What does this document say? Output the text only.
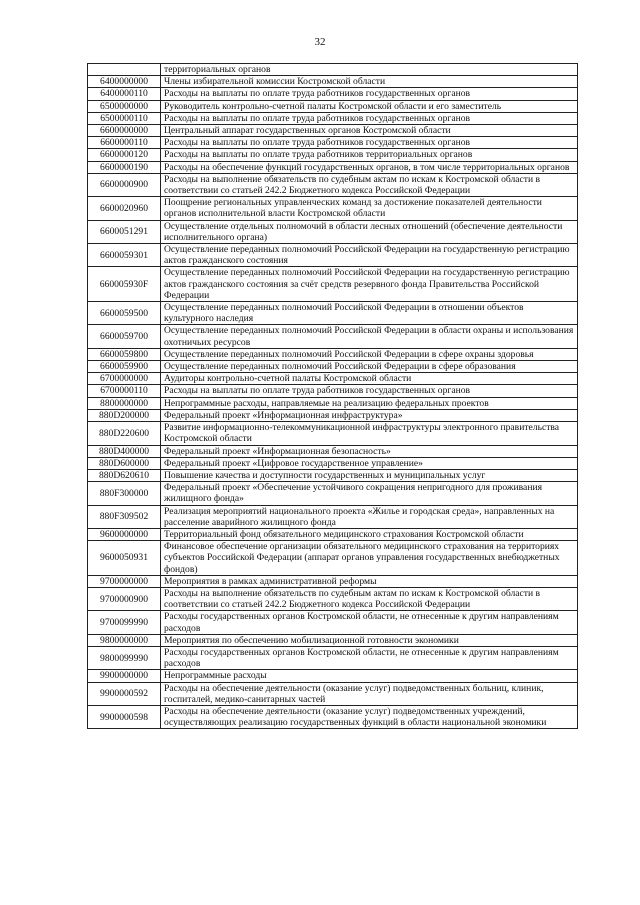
32
	территориальных органов
6400000000	Члены избирательной комиссии Костромской области
6400000110	Расходы на выплаты по оплате труда работников государственных органов
6500000000	Руководитель контрольно-счетной палаты Костромской области и его заместитель
6500000110	Расходы на выплаты по оплате труда работников государственных органов
6600000000	Центральный аппарат государственных органов Костромской области
6600000110	Расходы на выплаты по оплате труда работников государственных органов
6600000120	Расходы на выплаты по оплате труда работников территориальных органов
6600000190	Расходы на обеспечение функций государственных органов, в том числе территориальных органов
6600000900	Расходы на выполнение обязательств по судебным актам по искам к Костромской области в соответствии со статьей 242.2 Бюджетного кодекса Российской Федерации
6600020960	Поощрение региональных управленческих команд за достижение показателей деятельности органов исполнительной власти Костромской области
6600051291	Осуществление отдельных полномочий в области лесных отношений (обеспечение деятельности исполнительного органа)
6600059301	Осуществление переданных полномочий Российской Федерации на государственную регистрацию актов гражданского состояния
660005930F	Осуществление переданных полномочий Российской Федерации на государственную регистрацию актов гражданского состояния за счёт средств резервного фонда Правительства Российской Федерации
6600059500	Осуществление переданных полномочий Российской Федерации в отношении объектов культурного наследия
6600059700	Осуществление переданных полномочий Российской Федерации в области охраны и использования охотничьих ресурсов
6600059800	Осуществление переданных полномочий Российской Федерации в сфере охраны здоровья
6600059900	Осуществление переданных полномочий Российской Федерации в сфере образования
6700000000	Аудиторы контрольно-счетной палаты Костромской области
6700000110	Расходы на выплаты по оплате труда работников государственных органов
8800000000	Непрограммные расходы, направляемые на реализацию федеральных проектов
880D200000	Федеральный проект «Информационная инфраструктура»
880D220600	Развитие информационно-телекоммуникационной инфраструктуры электронного правительства Костромской области
880D400000	Федеральный проект «Информационная безопасность»
880D600000	Федеральный проект «Цифровое государственное управление»
880D620610	Повышение качества и доступности государственных и муниципальных услуг
880F300000	Федеральный проект «Обеспечение устойчивого сокращения непригодного для проживания жилищного фонда»
880F309502	Реализация мероприятий национального проекта «Жилье и городская среда», направленных на расселение аварийного жилищного фонда
9600000000	Территориальный фонд обязательного медицинского страхования Костромской области
9600050931	Финансовое обеспечение организации обязательного медицинского страхования на территориях субъектов Российской Федерации (аппарат органов управления государственных внебюджетных фондов)
9700000000	Мероприятия в рамках административной реформы
9700000900	Расходы на выполнение обязательств по судебным актам по искам к Костромской области в соответствии со статьей 242.2 Бюджетного кодекса Российской Федерации
9700099990	Расходы государственных органов Костромской области, не отнесенные к другим направлениям расходов
9800000000	Мероприятия по обеспечению мобилизационной готовности экономики
9800099990	Расходы государственных органов Костромской области, не отнесенные к другим направлениям расходов
9900000000	Непрограммные расходы
9900000592	Расходы на обеспечение деятельности (оказание услуг) подведомственных больниц, клиник, госпиталей, медико-санитарных частей
9900000598	Расходы на обеспечение деятельности (оказание услуг) подведомственных учреждений, осуществляющих реализацию государственных функций в области национальной экономики
